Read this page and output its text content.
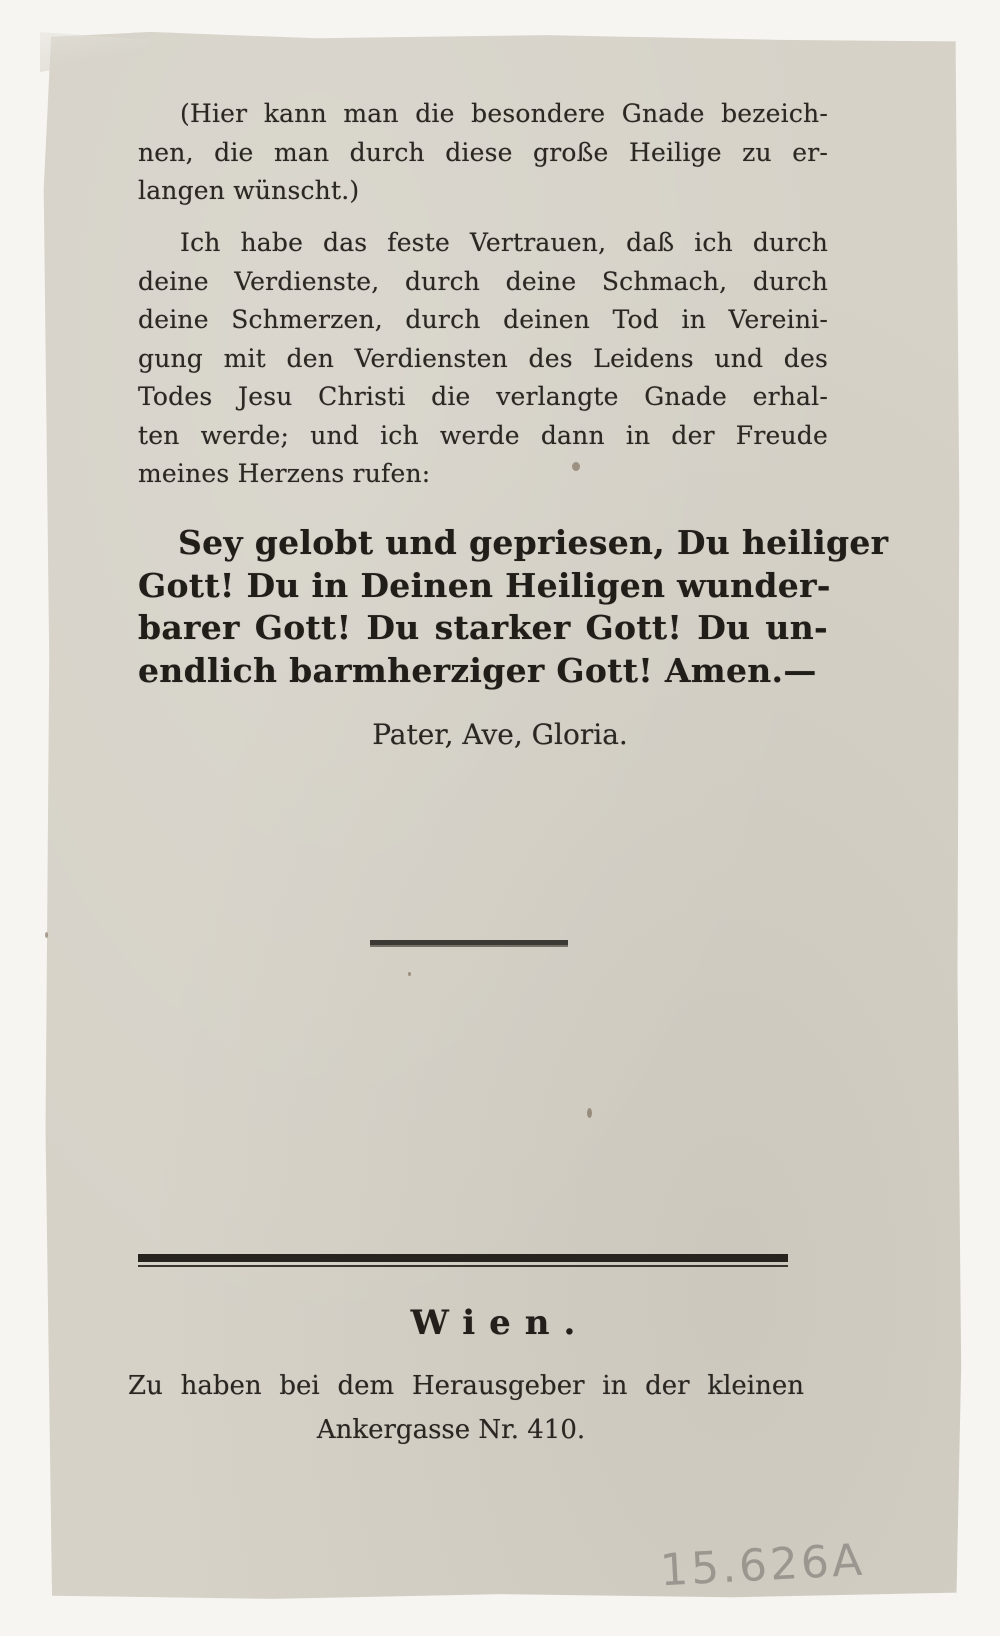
(Hier kann man die besondere Gnade bezeich-
nen, die man durch diese große Heilige zu er-
langen wünscht.)
Ich habe das feste Vertrauen, daß ich durch
deine Verdienste, durch deine Schmach, durch
deine Schmerzen, durch deinen Tod in Vereini-
gung mit den Verdiensten des Leidens und des
Todes Jesu Christi die verlangte Gnade erhal-
ten werde; und ich werde dann in der Freude
meines Herzens rufen:
Sey gelobt und gepriesen, Du heiliger
Gott! Du in Deinen Heiligen wunder-
barer Gott! Du starker Gott! Du un-
endlich barmherziger Gott! Amen.—
Pater, Ave, Gloria.
Wien.
Zu haben bei dem Herausgeber in der kleinen
Ankergasse Nr. 410.
15.626A
